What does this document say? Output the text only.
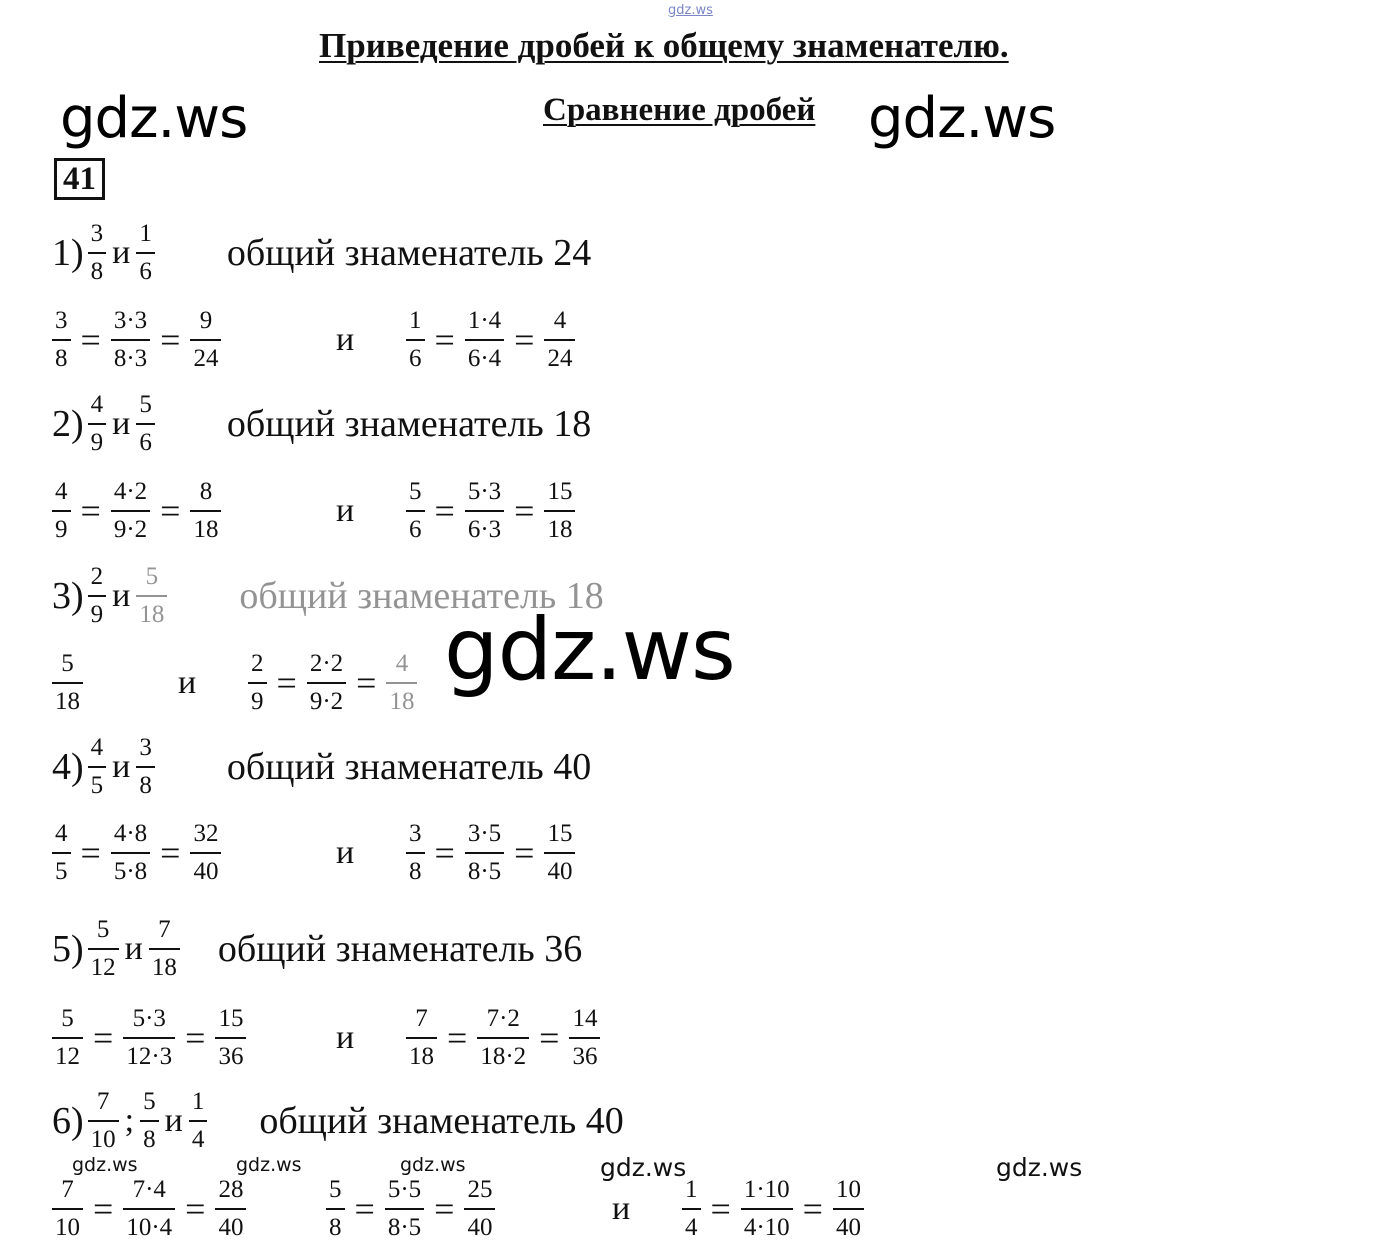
gdz.ws
Приведение дробей к общему знаменателю.
gdz.ws	Сравнение дробей gdz.ws
41
$1) \frac{3}{8}$ и $\frac{1}{6}$ общий знаменатель 24
$2) \frac{4}{9}$ и $\frac{5}{6}$ общий знаменатель 18
$3) \frac{2}{9}$ и $\frac{5}{18}$ общий знаменатель 18
$4) \frac{4}{5}$ и $\frac{3}{8}$ общий знаменатель 40
$5) \frac{5}{12}$ и $\frac{7}{18}$ общий знаменатель 36
$\frac{3}{8} = \frac{3\cdot 3}{8\cdot 3} = \frac{9}{24}$	и $\frac{1}{6} = \frac{1\cdot 4}{6\cdot 4} = \frac{4}{24}$
$\frac{4}{9} = \frac{4\cdot 2}{9\cdot 2} = \frac{8}{18}$	и $\frac{5}{6} = \frac{5\cdot 3}{6\cdot 3} = \frac{15}{18}$
$\frac{5}{18}$	и $\frac{2}{9} = \frac{2\cdot 2}{9\cdot 2} = \frac{4}{18}$
$\frac{4}{5} = \frac{4\cdot 8}{5\cdot 8} = \frac{32}{40}$	и $\frac{3}{8} = \frac{3\cdot 5}{8\cdot 5} = \frac{15}{40}$
$\frac{5}{12} = \frac{5\cdot 3}{12\cdot 3} = \frac{15}{36}$	и $\frac{7}{18} = \frac{7\cdot 2}{18\cdot 2} = \frac{14}{36}$
$6) \frac{7}{10}$ ; $\frac{5}{8}$ и $\frac{1}{4}$ общий знаменатель 40
$\frac{7}{10} = \frac{7\cdot 4}{10\cdot 4} = \frac{28}{40}$	$\frac{5}{8} = \frac{5\cdot 5}{8\cdot 5} = \frac{25}{40}$	и $\frac{1}{4} = \frac{1\cdot 10}{4\cdot 10} = \frac{10}{40}$
gdz.ws
gdz.ws	gdz.ws	gdz.ws	gdz.ws	gdz.ws
